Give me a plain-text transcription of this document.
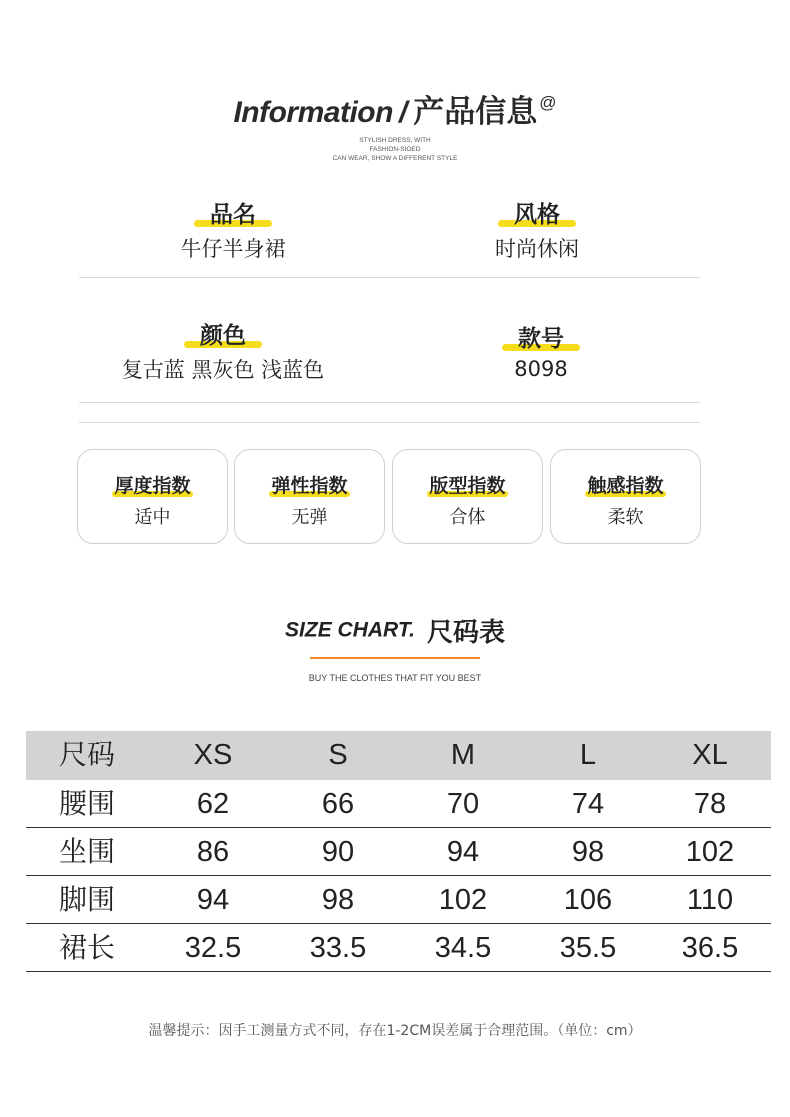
Information / 产品信息 @
STYLISH DRESS, WITH
FASHION-SIOED
CAN WEAR, SHOW A DIFFERENT STYLE
品名
牛仔半身裙
风格
时尚休闲
颜色
复古蓝 黑灰色 浅蓝色
款号
8098
厚度指数
适中
弹性指数
无弹
版型指数
合体
触感指数
柔软
SIZE CHART. 尺码表
BUY THE CLOTHES THAT FIT YOU BEST
尺码	XS	S	M	L	XL
腰围	62	66	70	74	78
坐围	86	90	94	98	102
脚围	94	98	102	106	110
裙长	32.5	33.5	34.5	35.5	36.5
温馨提示：因手工测量方式不同，存在1-2CM误差属于合理范围。（单位：cm）
